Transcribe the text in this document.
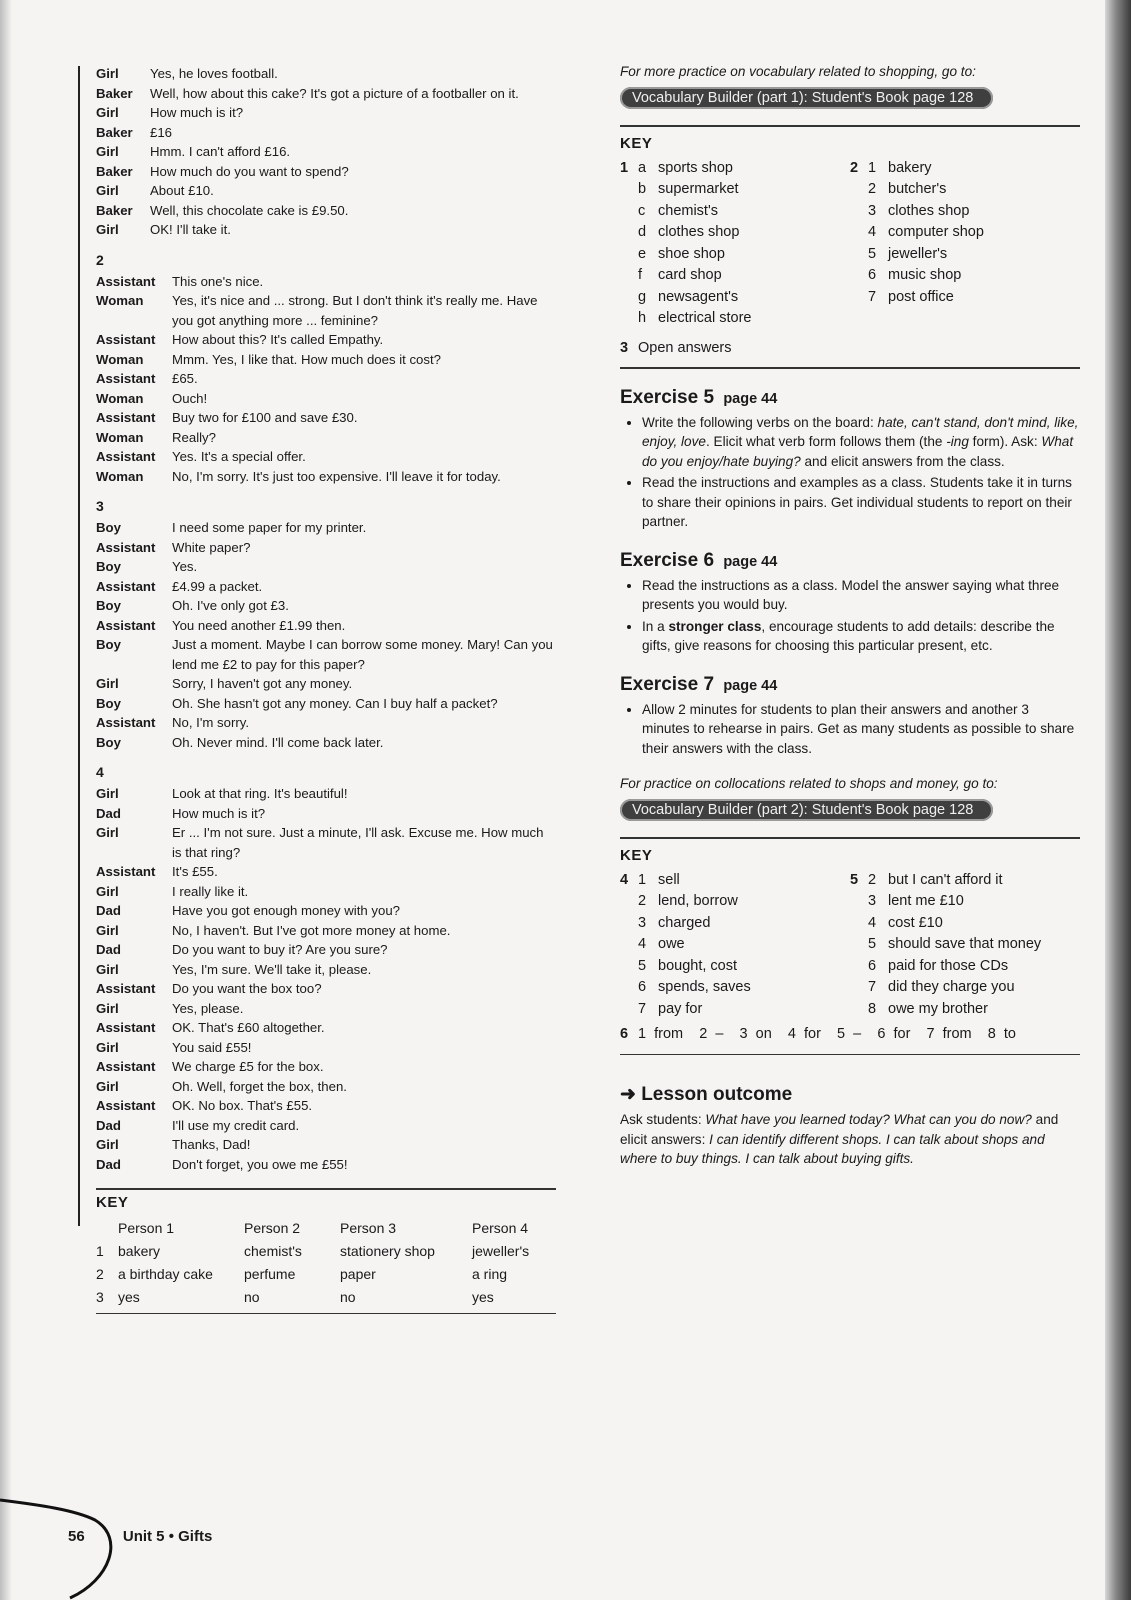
Girl	Yes, he loves football.
Baker	Well, how about this cake? It's got a picture of a footballer on it.
Girl	How much is it?
Baker	£16
Girl	Hmm. I can't afford £16.
Baker	How much do you want to spend?
Girl	About £10.
Baker	Well, this chocolate cake is £9.50.
Girl	OK! I'll take it.
2
Assistant	This one's nice.
Woman	Yes, it's nice and ... strong. But I don't think it's really me. Have you got anything more ... feminine?
Assistant	How about this? It's called Empathy.
Woman	Mmm. Yes, I like that. How much does it cost?
Assistant	£65.
Woman	Ouch!
Assistant	Buy two for £100 and save £30.
Woman	Really?
Assistant	Yes. It's a special offer.
Woman	No, I'm sorry. It's just too expensive. I'll leave it for today.
3
Boy	I need some paper for my printer.
Assistant	White paper?
Boy	Yes.
Assistant	£4.99 a packet.
Boy	Oh. I've only got £3.
Assistant	You need another £1.99 then.
Boy	Just a moment. Maybe I can borrow some money. Mary! Can you lend me £2 to pay for this paper?
Girl	Sorry, I haven't got any money.
Boy	Oh. She hasn't got any money. Can I buy half a packet?
Assistant	No, I'm sorry.
Boy	Oh. Never mind. I'll come back later.
4
Girl	Look at that ring. It's beautiful!
Dad	How much is it?
Girl	Er ... I'm not sure. Just a minute, I'll ask. Excuse me. How much is that ring?
Assistant	It's £55.
Girl	I really like it.
Dad	Have you got enough money with you?
Girl	No, I haven't. But I've got more money at home.
Dad	Do you want to buy it? Are you sure?
Girl	Yes, I'm sure. We'll take it, please.
Assistant	Do you want the box too?
Girl	Yes, please.
Assistant	OK. That's £60 altogether.
Girl	You said £55!
Assistant	We charge £5 for the box.
Girl	Oh. Well, forget the box, then.
Assistant	OK. No box. That's £55.
Dad	I'll use my credit card.
Girl	Thanks, Dad!
Dad	Don't forget, you owe me £55!
KEY
	Person 1	Person 2	Person 3	Person 4
1	bakery	chemist's	stationery shop	jeweller's
2	a birthday cake	perfume	paper	a ring
3	yes	no	no	yes
For more practice on vocabulary related to shopping, go to:
Vocabulary Builder (part 1): Student's Book page 128
KEY
1 a sports shop
b supermarket
c chemist's
d clothes shop
e shoe shop
f	card shop
g newsagent's
h electrical store
2 1 bakery
2 butcher's
3 clothes shop
4 computer shop
5 jeweller's
6 music shop
7 post office
3 Open answers
Exercise 5 page 44
• Write the following verbs on the board: hate, can't stand, don't mind, like, enjoy, love. Elicit what verb form follows them (the -ing form). Ask: What do you enjoy/hate buying? and elicit answers from the class.
• Read the instructions and examples as a class. Students take it in turns to share their opinions in pairs. Get individual students to report on their partner.
Exercise 6 page 44
• Read the instructions as a class. Model the answer saying what three presents you would buy.
• In a stronger class, encourage students to add details: describe the gifts, give reasons for choosing this particular present, etc.
Exercise 7 page 44
• Allow 2 minutes for students to plan their answers and another 3 minutes to rehearse in pairs. Get as many students as possible to share their answers with the class.
For practice on collocations related to shops and money, go to:
Vocabulary Builder (part 2): Student's Book page 128
KEY
4 1 sell
2 lend, borrow
3 charged
4 owe
5 bought, cost
6 spends, saves
7 pay for
5 2 but I can't afford it
3 lent me £10
4 cost £10
5 should save that money
6 paid for those CDs
7 did they charge you
8 owe my brother
6 1  from    2  –    3  on    4  for    5  –    6  for    7  from    8  to
➜ Lesson outcome
Ask students: What have you learned today? What can you do now? and elicit answers: I can identify different shops. I can talk about shops and where to buy things. I can talk about buying gifts.
56	Unit 5 • Gifts
